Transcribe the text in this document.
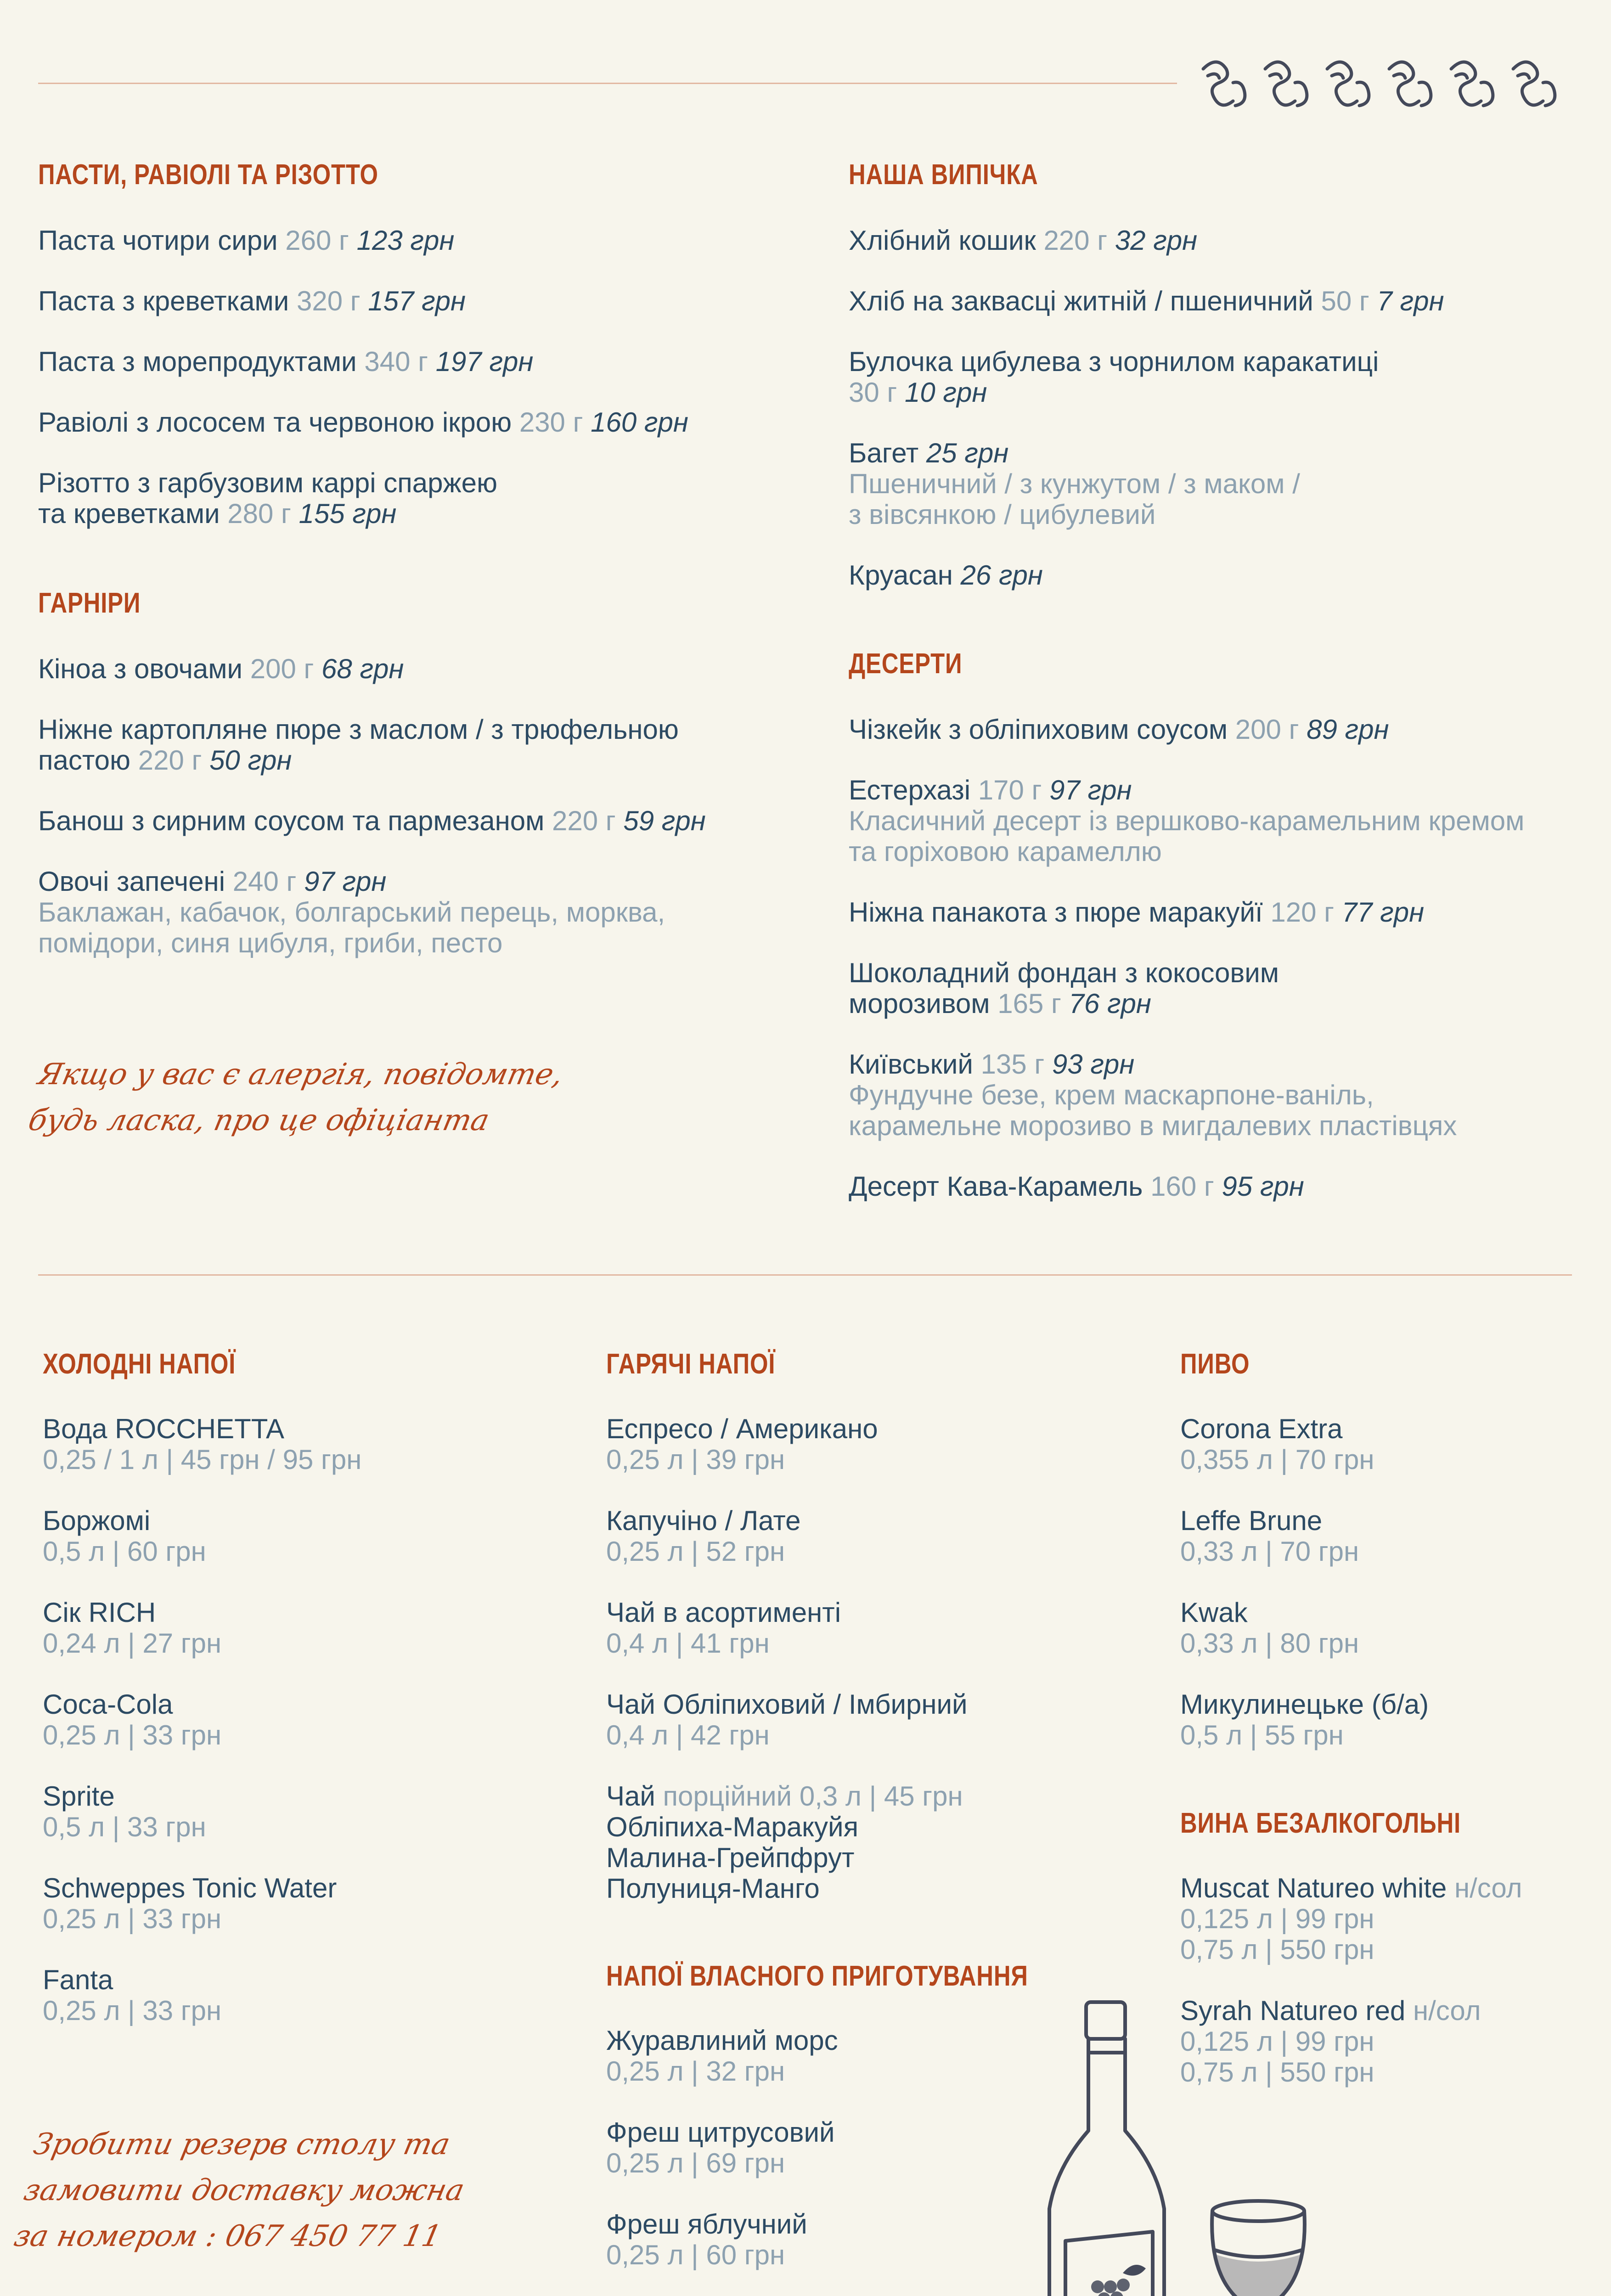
ПАСТИ, РАВІОЛІ ТА РІЗОТТО
Паста чотири сири 260 г 123 грн
Паста з креветками 320 г 157 грн
Паста з морепродуктами 340 г 197 грн
Равіолі з лососем та червоною ікрою 230 г 160 грн
Різотто з гарбузовим каррі спаржею
та креветками 280 г 155 грн
ГАРНІРИ
Кіноа з овочами 200 г 68 грн
Ніжне картопляне пюре з маслом / з трюфельною
пастою 220 г 50 грн
Банош з сирним соусом та пармезаном 220 г 59 грн
Овочі запечені 240 г 97 грн
Баклажан, кабачок, болгарський перець, морква,
помідори, синя цибуля, гриби, песто
Якщо у вас є алергія, повідомте,
будь ласка, про це офіціанта
НАША ВИПІЧКА
Хлібний кошик 220 г 32 грн
Хліб на заквасці житній / пшеничний 50 г 7 грн
Булочка цибулева з чорнилом каракатиці
30 г 10 грн
Багет 25 грн
Пшеничний / з кунжутом / з маком /
з вівсянкою / цибулевий
Круасан 26 грн
ДЕСЕРТИ
Чізкейк з обліпиховим соусом 200 г 89 грн
Естерхазі 170 г 97 грн
Класичний десерт із вершково-карамельним кремом
та горіховою карамеллю
Ніжна панакота з пюре маракуйї 120 г 77 грн
Шоколадний фондан з кокосовим
морозивом 165 г 76 грн
Київський 135 г 93 грн
Фундучне безе, крем маскарпоне-ваніль,
карамельне морозиво в мигдалевих пластівцях
Десерт Кава-Карамель 160 г 95 грн
ХОЛОДНІ НАПОЇ
Вода ROCCHETTA
0,25 / 1 л | 45 грн / 95 грн
Боржомі
0,5 л | 60 грн
Сік RICH
0,24 л | 27 грн
Coca-Cola
0,25 л | 33 грн
Sprite
0,5 л | 33 грн
Schweppes Tonic Water
0,25 л | 33 грн
Fanta
0,25 л | 33 грн
Зробити резерв столу та
замовити доставку можна
за номером : 067 450 77 11
ГАРЯЧІ НАПОЇ
Еспресо / Американо
0,25 л | 39 грн
Капучіно / Лате
0,25 л | 52 грн
Чай в асортименті
0,4 л | 41 грн
Чай Обліпиховий / Імбирний
0,4 л | 42 грн
Чай порційний 0,3 л | 45 грн
Обліпиха-Маракуйя
Малина-Грейпфрут
Полуниця-Манго
НАПОЇ ВЛАСНОГО ПРИГОТУВАННЯ
Журавлиний морс
0,25 л | 32 грн
Фреш цитрусовий
0,25 л | 69 грн
Фреш яблучний
0,25 л | 60 грн
ПИВО
Corona Extra
0,355 л | 70 грн
Leffe Brune
0,33 л | 70 грн
Kwak
0,33 л | 80 грн
Микулинецьке (б/а)
0,5 л | 55 грн
ВИНА БЕЗАЛКОГОЛЬНІ
Muscat Natureo white н/сол
0,125 л | 99 грн
0,75 л | 550 грн
Syrah Natureo red н/сол
0,125 л | 99 грн
0,75 л | 550 грн
